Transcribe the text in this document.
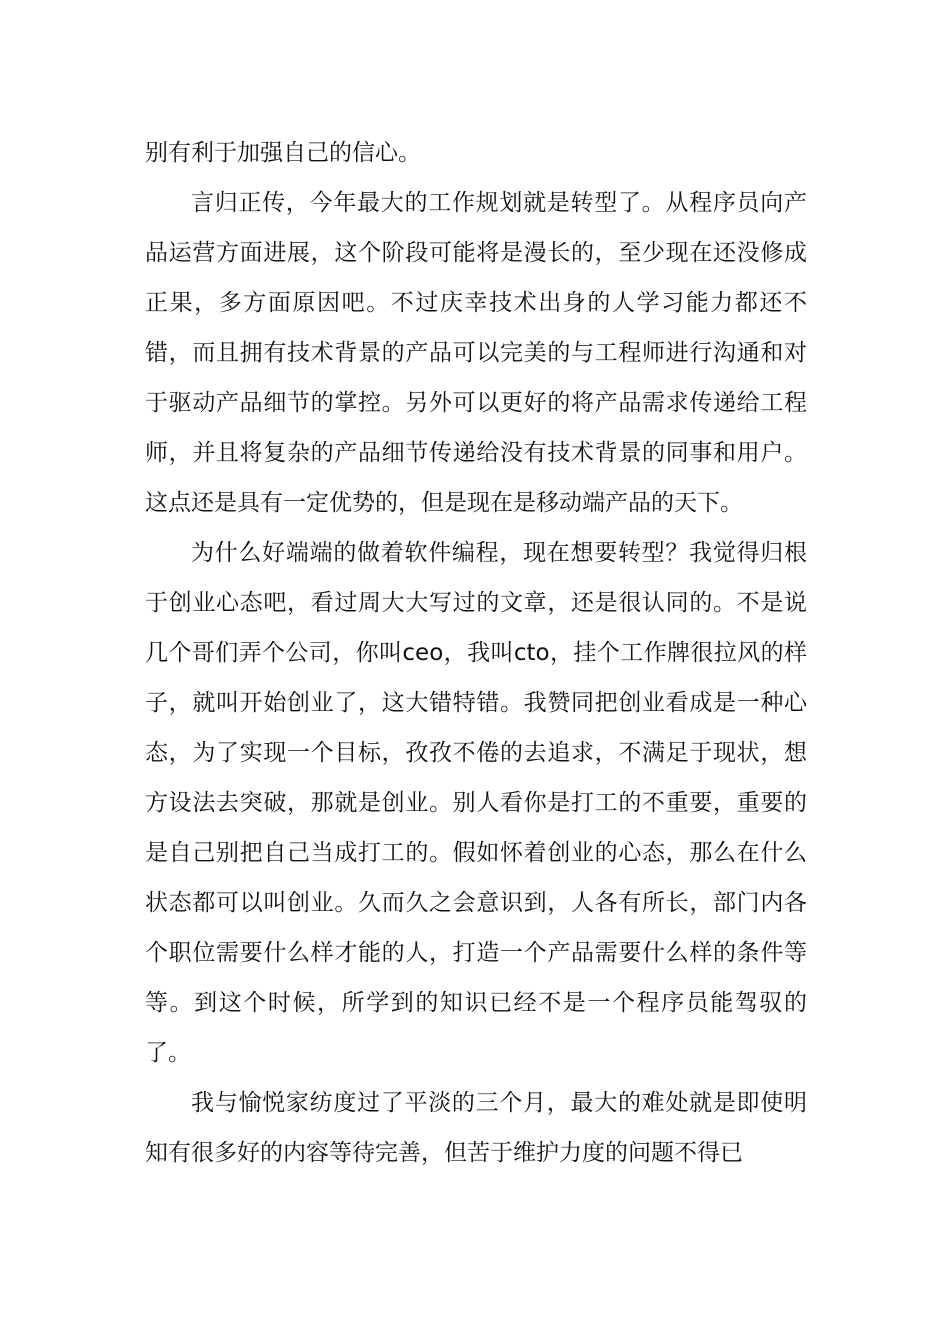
别有利于加强自己的信心。

言归正传，今年最大的工作规划就是转型了。从程序员向产品运营方面进展，这个阶段可能将是漫长的，至少现在还没修成正果，多方面原因吧。不过庆幸技术出身的人学习能力都还不错，而且拥有技术背景的产品可以完美的与工程师进行沟通和对于驱动产品细节的掌控。另外可以更好的将产品需求传递给工程师，并且将复杂的产品细节传递给没有技术背景的同事和用户。这点还是具有一定优势的，但是现在是移动端产品的天下。

为什么好端端的做着软件编程，现在想要转型？我觉得归根于创业心态吧，看过周大大写过的文章，还是很认同的。不是说几个哥们弄个公司，你叫ceo，我叫cto，挂个工作牌很拉风的样子，就叫开始创业了，这大错特错。我赞同把创业看成是一种心态，为了实现一个目标，孜孜不倦的去追求，不满足于现状，想方设法去突破，那就是创业。别人看你是打工的不重要，重要的是自己别把自己当成打工的。假如怀着创业的心态，那么在什么状态都可以叫创业。久而久之会意识到，人各有所长，部门内各个职位需要什么样才能的人，打造一个产品需要什么样的条件等等。到这个时候，所学到的知识已经不是一个程序员能驾驭的了。

我与愉悦家纺度过了平淡的三个月，最大的难处就是即使明知有很多好的内容等待完善，但苦于维护力度的问题不得已
